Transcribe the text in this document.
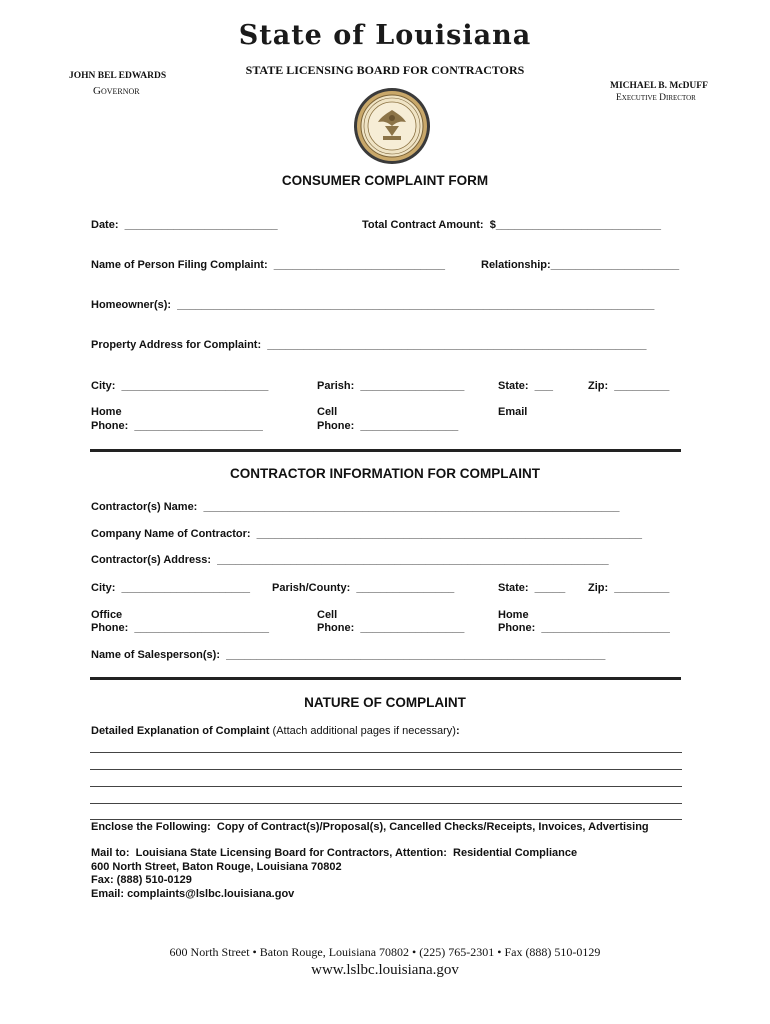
State of Louisiana
STATE LICENSING BOARD FOR CONTRACTORS
JOHN BEL EDWARDS
Governor	MICHAEL B. McDUFF
Executive Director
CONSUMER COMPLAINT FORM
Date:  _________________________	Total Contract Amount:  $___________________________
Name of Person Filing Complaint:  ____________________________	Relationship:_____________________
Homeowner(s):  ______________________________________________________________________________
Property Address for Complaint:  ______________________________________________________________
City:  ________________________	Parish:  _________________	State:  ___	Zip:  _________
Home
Phone:  _____________________
Cell
Phone:  ________________
Email
CONTRACTOR INFORMATION FOR COMPLAINT
Contractor(s) Name:  ____________________________________________________________________
Company Name of Contractor:  _______________________________________________________________
Contractor(s) Address:  ________________________________________________________________
City:  _____________________ Parish/County:  ________________	State:  _____ Zip:  _________
Office
Phone:  ______________________
Cell
Phone:  _________________
Home
Phone:  _____________________
Name of Salesperson(s):  ______________________________________________________________
NATURE OF COMPLAINT
Detailed Explanation of Complaint (Attach additional pages if necessary):
Enclose the Following:  Copy of Contract(s)/Proposal(s), Cancelled Checks/Receipts, Invoices, Advertising
Mail to:  Louisiana State Licensing Board for Contractors, Attention:  Residential Compliance
600 North Street, Baton Rouge, Louisiana 70802
Fax: (888) 510-0129
Email: complaints@lslbc.louisiana.gov
600 North Street • Baton Rouge, Louisiana 70802 • (225) 765-2301 • Fax (888) 510-0129
www.lslbc.louisiana.gov
